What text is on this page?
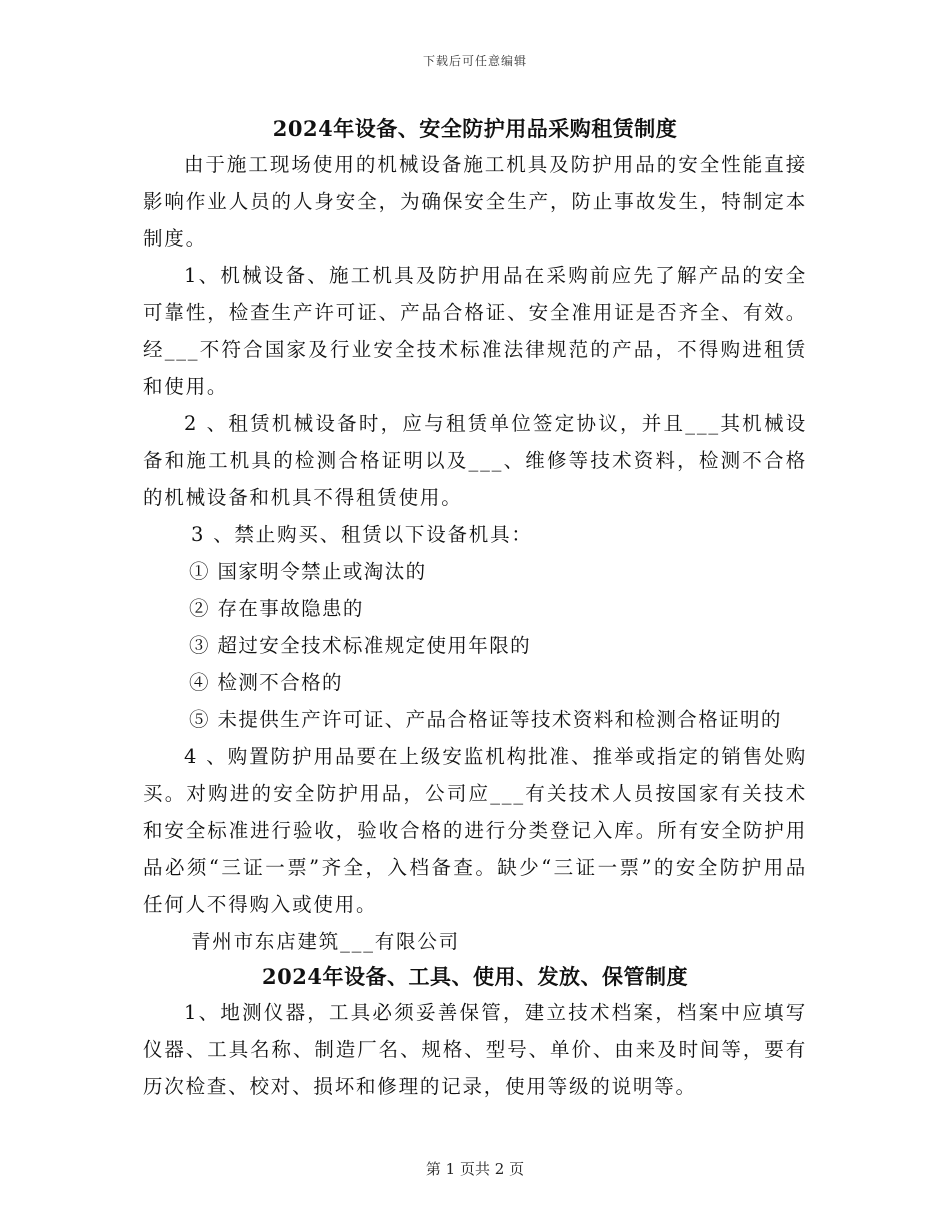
下载后可任意编辑
2024年设备、安全防护用品采购租赁制度

由于施工现场使用的机械设备施工机具及防护用品的安全性能直接影响作业人员的人身安全，为确保安全生产，防止事故发生，特制定本制度。

1、机械设备、施工机具及防护用品在采购前应先了解产品的安全可靠性，检查生产许可证、产品合格证、安全准用证是否齐全、有效。经___不符合国家及行业安全技术标准法律规范的产品，不得购进租赁和使用。

2 、租赁机械设备时，应与租赁单位签定协议，并且___其机械设备和施工机具的检测合格证明以及___、维修等技术资料，检测不合格的机械设备和机具不得租赁使用。

3 、禁止购买、租赁以下设备机具：

① 国家明令禁止或淘汰的

② 存在事故隐患的

③ 超过安全技术标准规定使用年限的

④ 检测不合格的

⑤ 未提供生产许可证、产品合格证等技术资料和检测合格证明的

4 、购置防护用品要在上级安监机构批准、推举或指定的销售处购买。对购进的安全防护用品，公司应___有关技术人员按国家有关技术和安全标准进行验收，验收合格的进行分类登记入库。所有安全防护用品必须“三证一票”齐全，入档备查。缺少“三证一票”的安全防护用品任何人不得购入或使用。

青州市东店建筑___有限公司

2024年设备、工具、使用、发放、保管制度

1、地测仪器，工具必须妥善保管，建立技术档案，档案中应填写仪器、工具名称、制造厂名、规格、型号、单价、由来及时间等，要有历次检查、校对、损坏和修理的记录，使用等级的说明等。

第 1 页共 2 页
